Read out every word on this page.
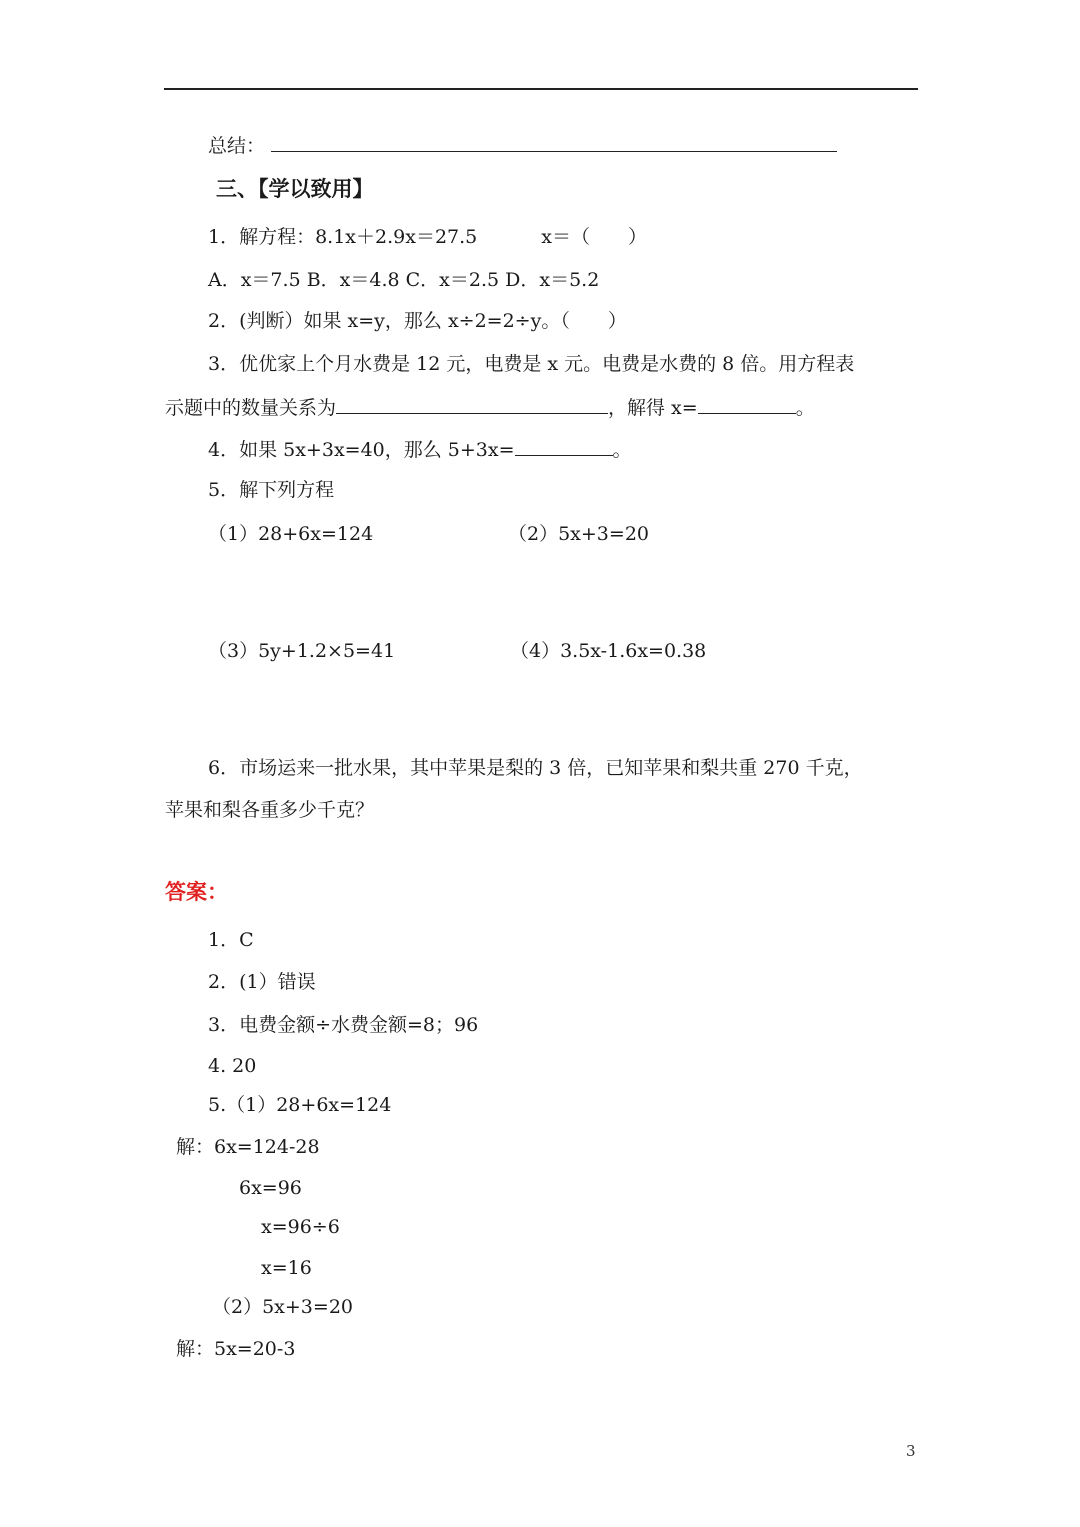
总结：
三、【学以致用】
1．解方程：8.1x＋2.9x＝27.5	x＝（　　）
A．x＝7.5 B．x＝4.8 C．x＝2.5 D．x＝5.2
2．(判断）如果 x=y，那么 x÷2=2÷y。（　　）
3．优优家上个月水费是 12 元，电费是 x 元。电费是水费的 8 倍。用方程表
示题中的数量关系为	，解得 x=	。
4．如果 5x+3x=40，那么 5+3x=	。
5．解下列方程
（1）28+6x=124	（2）5x+3=20
（3）5y+1.2×5=41	（4）3.5x-1.6x=0.38
6．市场运来一批水果，其中苹果是梨的 3 倍，已知苹果和梨共重 270 千克，
苹果和梨各重多少千克？
答案：
1．C
2．(1）错误
3．电费金额÷水费金额=8；96
4. 20
5.（1）28+6x=124
解：6x=124-28
6x=96
x=96÷6
x=16
（2）5x+3=20
解：5x=20-3
3
